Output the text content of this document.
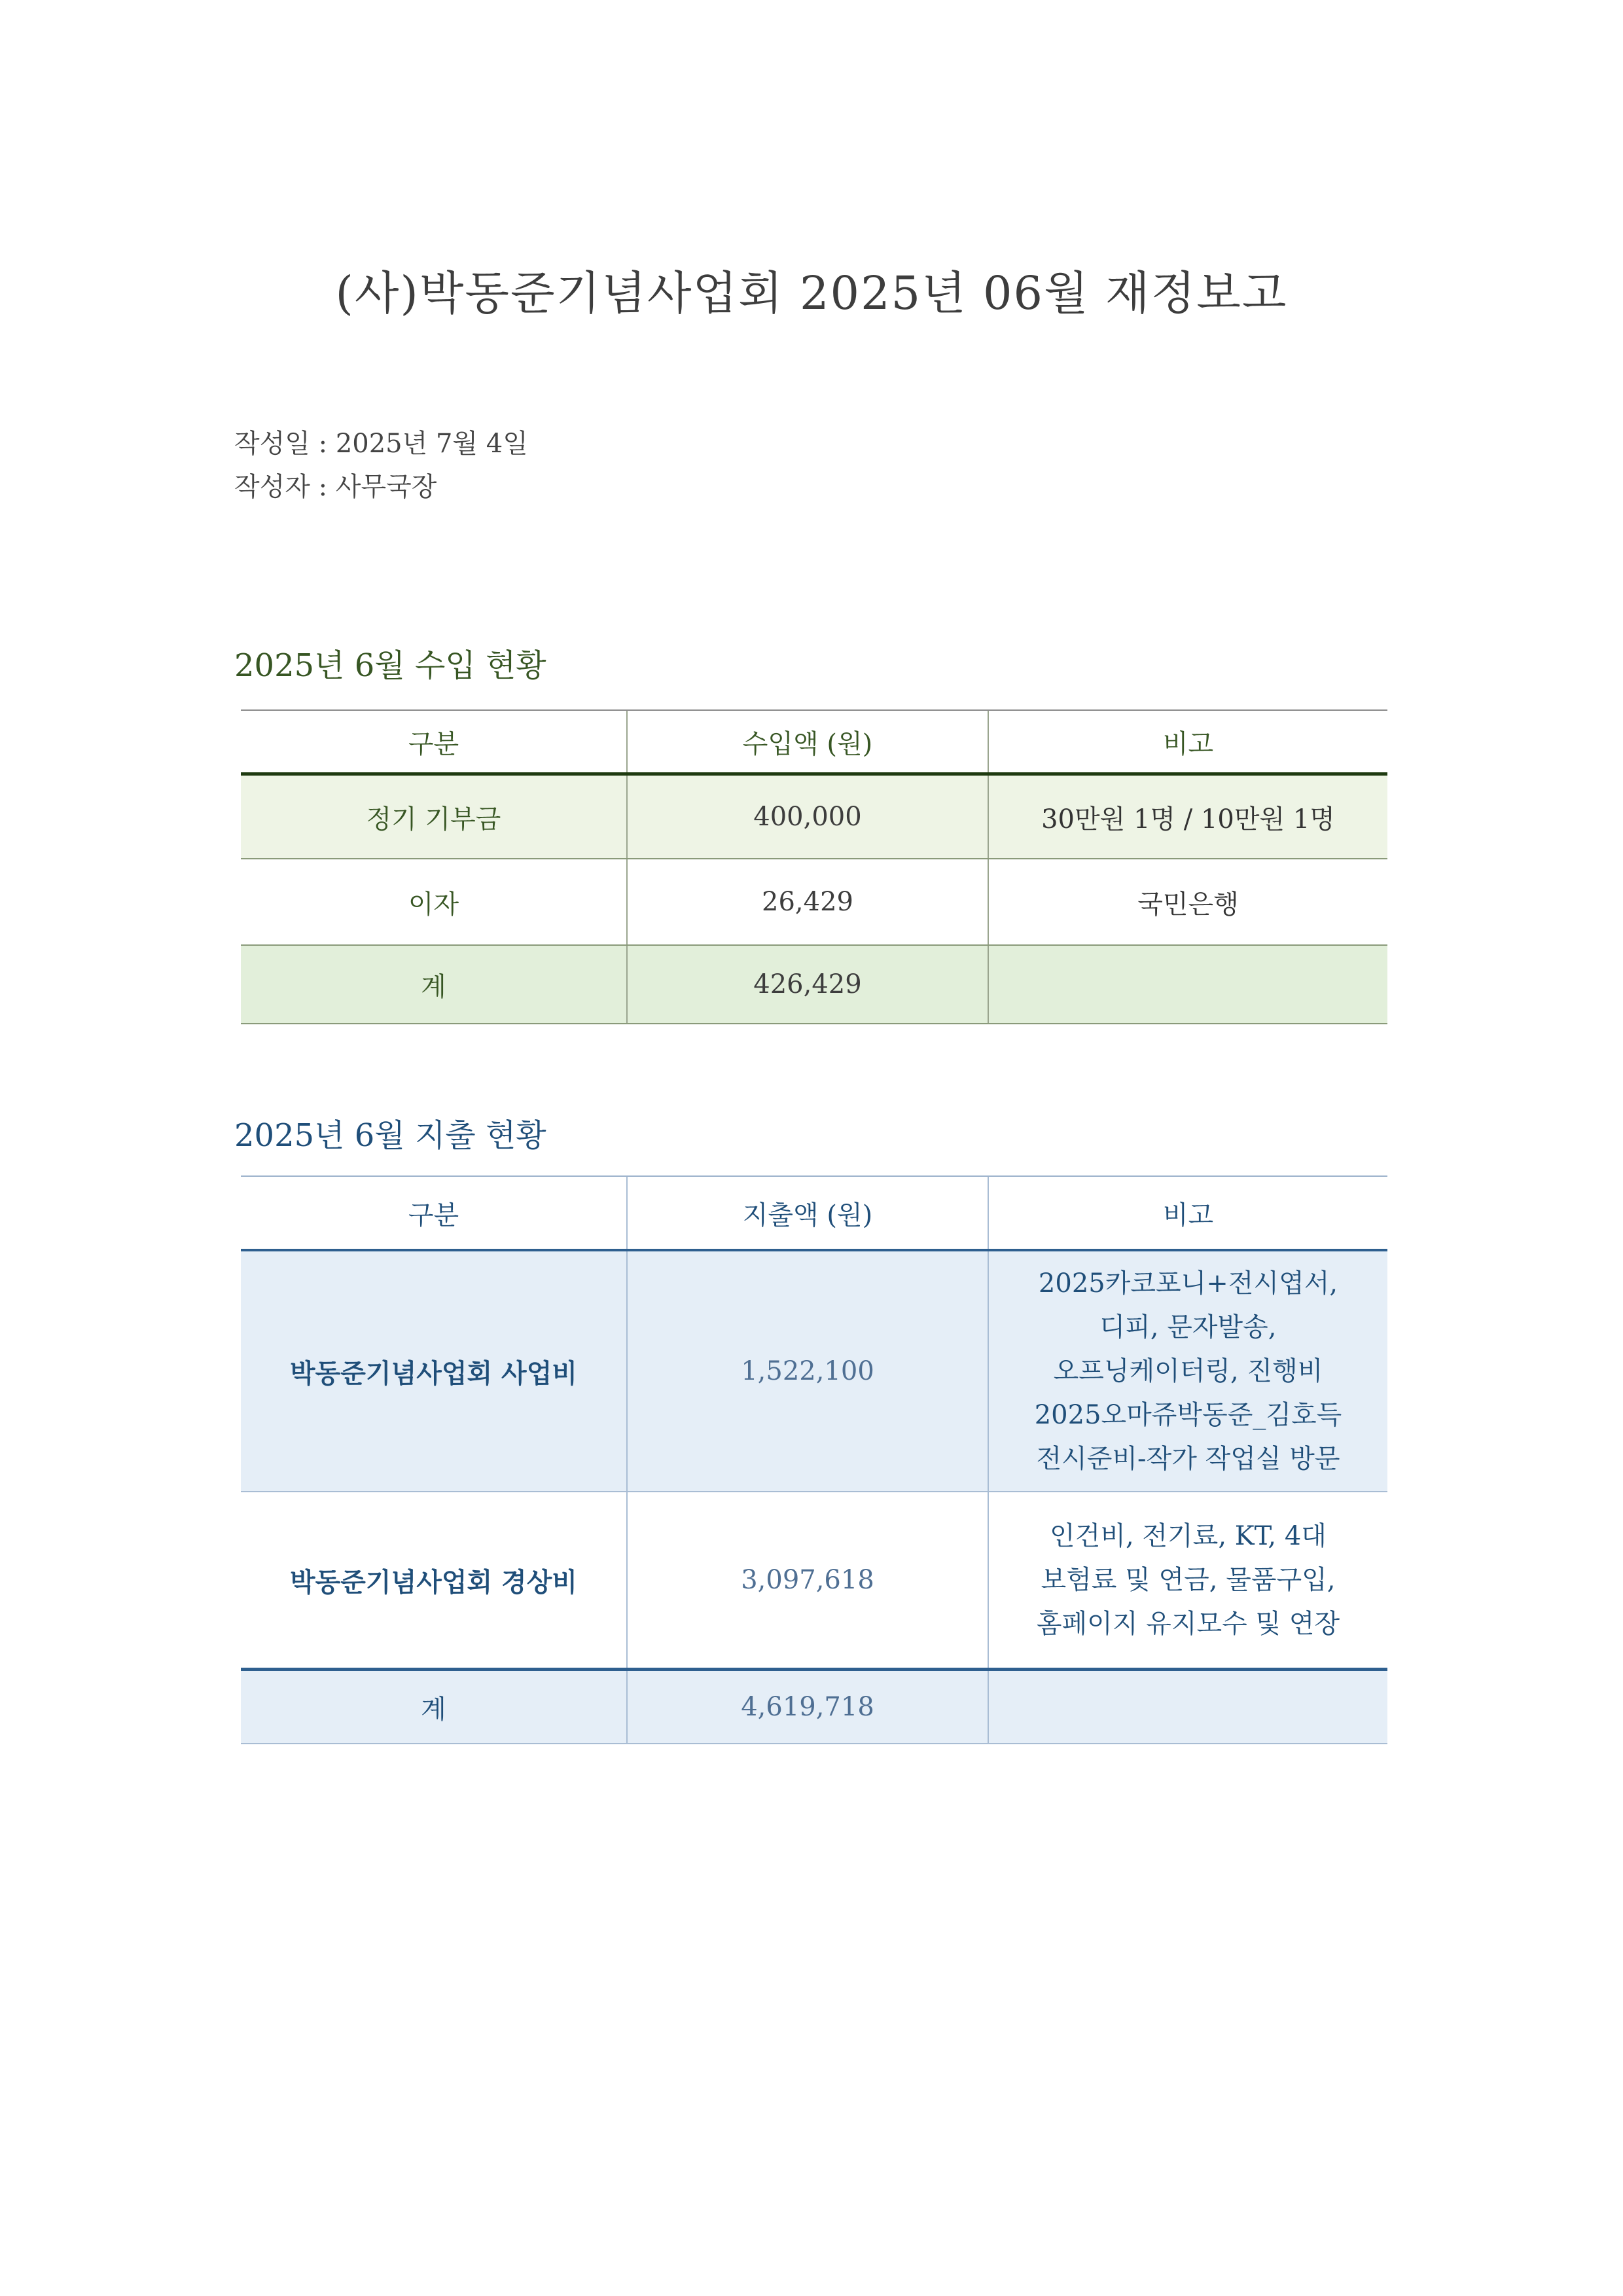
(사)박동준기념사업회 2025년 06월 재정보고
작성일 : 2025년 7월 4일
작성자 : 사무국장
2025년 6월 수입 현황
구분	수입액 (원)	비고
정기 기부금	400,000	30만원 1명 / 10만원 1명
이자	26,429	국민은행
계	426,429	
2025년 6월 지출 현황
구분	지출액 (원)	비고
박동준기념사업회 사업비	1,522,100	2025카코포니+전시엽서,
디피, 문자발송,
오프닝케이터링, 진행비
2025오마쥬박동준_김호득
전시준비-작가 작업실 방문

박동준기념사업회 경상비	3,097,618	인건비, 전기료, KT, 4대
보험료 및 연금, 물품구입,
홈페이지 유지모수 및 연장

계	4,619,718	
